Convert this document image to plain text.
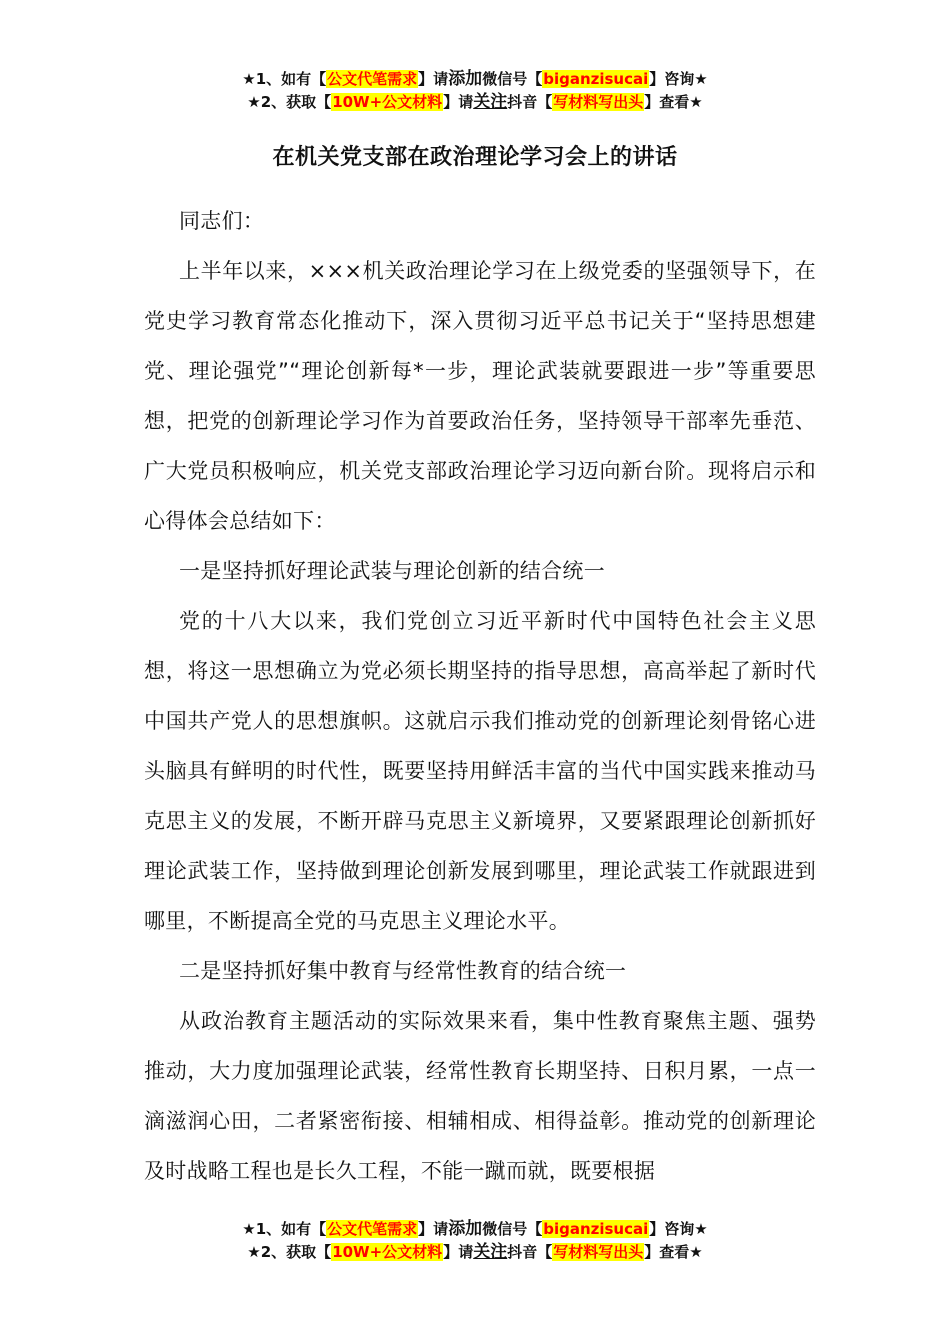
★1、如有【公文代笔需求】请添加微信号【biganzisucai】咨询★
★2、获取【10W+公文材料】请关注抖音【写材料写出头】查看★
在机关党支部在政治理论学习会上的讲话

同志们：

上半年以来，×××机关政治理论学习在上级党委的坚强领导下，在党史学习教育常态化推动下，深入贯彻习近平总书记关于“坚持思想建党、理论强党”“理论创新每*一步，理论武装就要跟进一步”等重要思想，把党的创新理论学习作为首要政治任务，坚持领导干部率先垂范、广大党员积极响应，机关党支部政治理论学习迈向新台阶。现将启示和心得体会总结如下：

一是坚持抓好理论武装与理论创新的结合统一

党的十八大以来，我们党创立习近平新时代中国特色社会主义思想，将这一思想确立为党必须长期坚持的指导思想，高高举起了新时代中国共产党人的思想旗帜。这就启示我们推动党的创新理论刻骨铭心进头脑具有鲜明的时代性，既要坚持用鲜活丰富的当代中国实践来推动马克思主义的发展，不断开辟马克思主义新境界，又要紧跟理论创新抓好理论武装工作，坚持做到理论创新发展到哪里，理论武装工作就跟进到哪里，不断提高全党的马克思主义理论水平。

二是坚持抓好集中教育与经常性教育的结合统一

从政治教育主题活动的实际效果来看，集中性教育聚焦主题、强势推动，大力度加强理论武装，经常性教育长期坚持、日积月累，一点一滴滋润心田，二者紧密衔接、相辅相成、相得益彰。推动党的创新理论及时战略工程也是长久工程，不能一蹴而就，既要根据

★1、如有【公文代笔需求】请添加微信号【biganzisucai】咨询★
★2、获取【10W+公文材料】请关注抖音【写材料写出头】查看★
